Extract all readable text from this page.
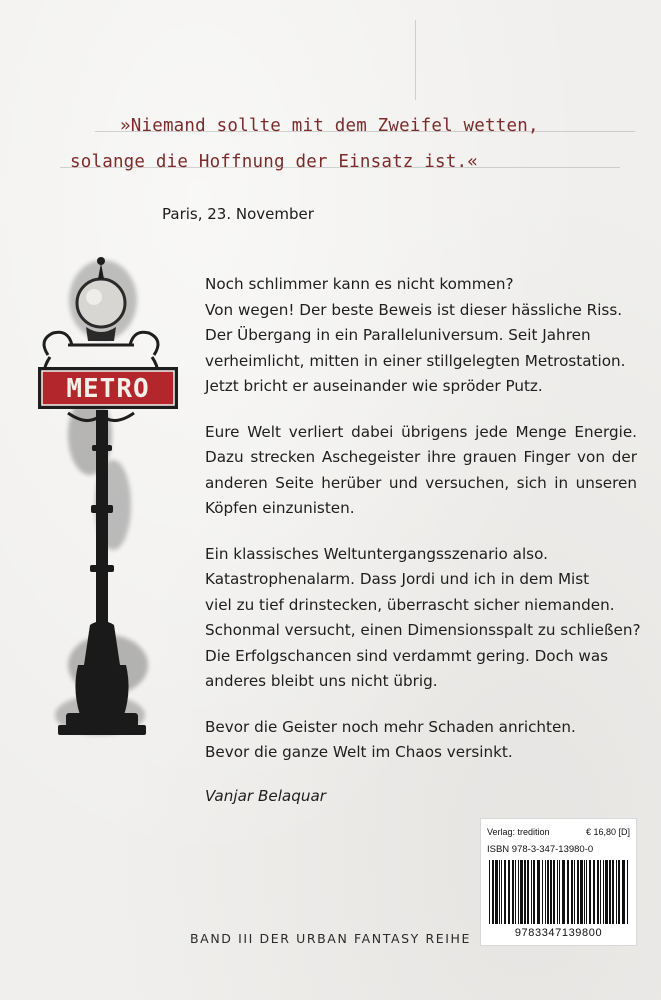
»Niemand sollte mit dem Zweifel wetten,
solange die Hoffnung der Einsatz ist.«
Paris, 23. November
METRO

Noch schlimmer kann es nicht kommen?
Von wegen! Der beste Beweis ist dieser hässliche Riss.
Der Übergang in ein Paralleluniversum. Seit Jahren
verheimlicht, mitten in einer stillgelegten Metrostation.
Jetzt bricht er auseinander wie spröder Putz.

Eure Welt verliert dabei übrigens jede Menge Energie. Dazu strecken Aschegeister ihre grauen Finger von der anderen Seite herüber und versuchen, sich in unseren Köpfen einzunisten.

Ein klassisches Weltuntergangsszenario also.
Katastrophenalarm. Dass Jordi und ich in dem Mist
viel zu tief drinstecken, überrascht sicher niemanden.
Schonmal versucht, einen Dimensionsspalt zu schließen?
Die Erfolgschancen sind verdammt gering. Doch was
anderes bleibt uns nicht übrig.

Bevor die Geister noch mehr Schaden anrichten.
Bevor die ganze Welt im Chaos versinkt.

Vanjar Belaquar

BAND III DER URBAN FANTASY REIHE
Verlag: tredition	€ 16,80 [D]
ISBN 978-3-347-13980-0
9783347139800
